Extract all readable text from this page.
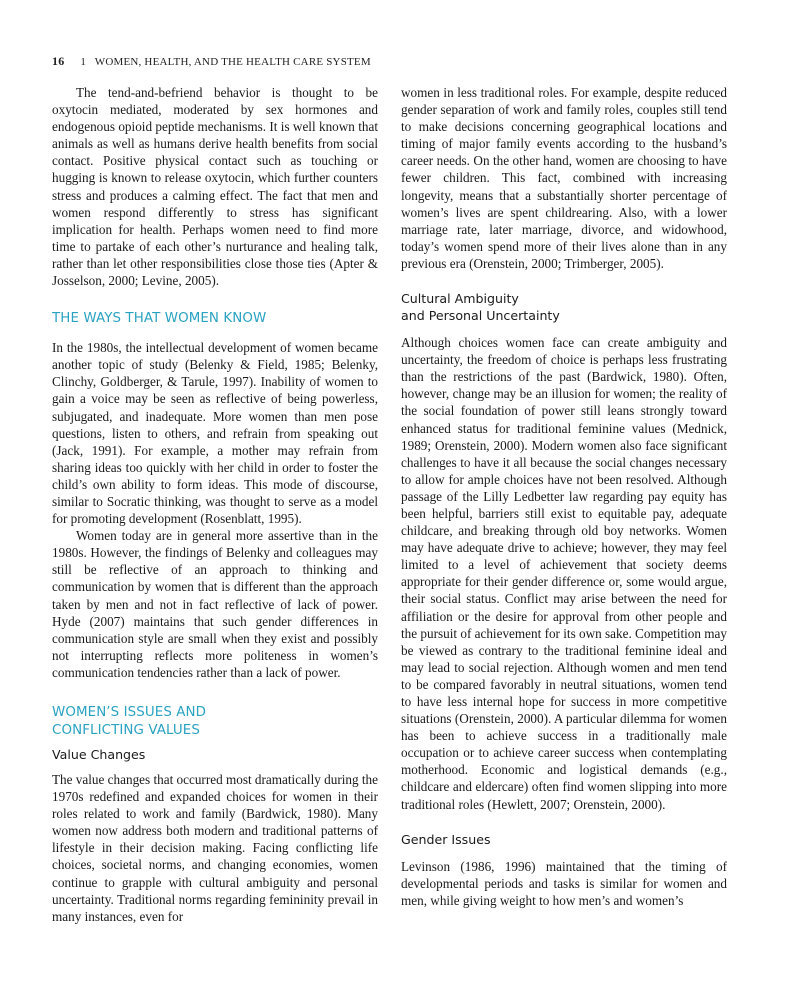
16 1   WOMEN, HEALTH, AND THE HEALTH CARE SYSTEM

The tend-and-befriend behavior is thought to be oxytocin mediated, moderated by sex hormones and endogenous opioid peptide mechanisms. It is well known that animals as well as humans derive health benefits from social contact. Positive physical contact such as touching or hugging is known to release oxytocin, which further counters stress and produces a calming effect. The fact that men and women respond differently to stress has significant implication for health. Perhaps women need to find more time to partake of each other’s nurturance and healing talk, rather than let other responsibilities close those ties (Apter & Josselson, 2000; Levine, 2005).

THE WAYS THAT WOMEN KNOW

In the 1980s, the intellectual development of women became another topic of study (Belenky & Field, 1985; Belenky, Clinchy, Goldberger, & Tarule, 1997). Inability of women to gain a voice may be seen as reflective of being powerless, subjugated, and inadequate. More women than men pose questions, listen to others, and refrain from speaking out (Jack, 1991). For example, a mother may refrain from sharing ideas too quickly with her child in order to foster the child’s own ability to form ideas. This mode of discourse, similar to Socratic thinking, was thought to serve as a model for promoting development (Rosenblatt, 1995).

Women today are in general more assertive than in the 1980s. However, the findings of Belenky and colleagues may still be reflective of an approach to thinking and communication by women that is different than the approach taken by men and not in fact reflective of lack of power. Hyde (2007) maintains that such gender differences in communication style are small when they exist and possibly not interrupting reflects more politeness in women’s communication tendencies rather than a lack of power.

WOMEN’S ISSUES AND
CONFLICTING VALUES
Value Changes

The value changes that occurred most dramatically during the 1970s redefined and expanded choices for women in their roles related to work and family (Bardwick, 1980). Many women now address both modern and traditional patterns of lifestyle in their decision making. Facing conflicting life choices, societal norms, and changing economies, women continue to grapple with cultural ambiguity and personal uncertainty. Traditional norms regarding femininity prevail in many instances, even for

women in less traditional roles. For example, despite reduced gender separation of work and family roles, couples still tend to make decisions concerning geographical locations and timing of major family events according to the husband’s career needs. On the other hand, women are choosing to have fewer children. This fact, combined with increasing longevity, means that a substantially shorter percentage of women’s lives are spent childrearing. Also, with a lower marriage rate, later marriage, divorce, and widowhood, today’s women spend more of their lives alone than in any previous era (Orenstein, 2000; Trimberger, 2005).

Cultural Ambiguity
and Personal Uncertainty

Although choices women face can create ambiguity and uncertainty, the freedom of choice is perhaps less frustrating than the restrictions of the past (Bardwick, 1980). Often, however, change may be an illusion for women; the reality of the social foundation of power still leans strongly toward enhanced status for traditional feminine values (Mednick, 1989; Orenstein, 2000). Modern women also face significant challenges to have it all because the social changes necessary to allow for ample choices have not been resolved. Although passage of the Lilly Ledbetter law regarding pay equity has been helpful, barriers still exist to equitable pay, adequate childcare, and breaking through old boy networks. Women may have adequate drive to achieve; however, they may feel limited to a level of achievement that society deems appropriate for their gender difference or, some would argue, their social status. Conflict may arise between the need for affiliation or the desire for approval from other people and the pursuit of achievement for its own sake. Competition may be viewed as contrary to the traditional feminine ideal and may lead to social rejection. Although women and men tend to be compared favorably in neutral situations, women tend to have less internal hope for success in more competitive situations (Orenstein, 2000). A particular dilemma for women has been to achieve success in a traditionally male occupation or to achieve career success when contemplating motherhood. Economic and logistical demands (e.g., childcare and eldercare) often find women slipping into more traditional roles (Hewlett, 2007; Orenstein, 2000).

Gender Issues

Levinson (1986, 1996) maintained that the timing of developmental periods and tasks is similar for women and men, while giving weight to how men’s and women’s
